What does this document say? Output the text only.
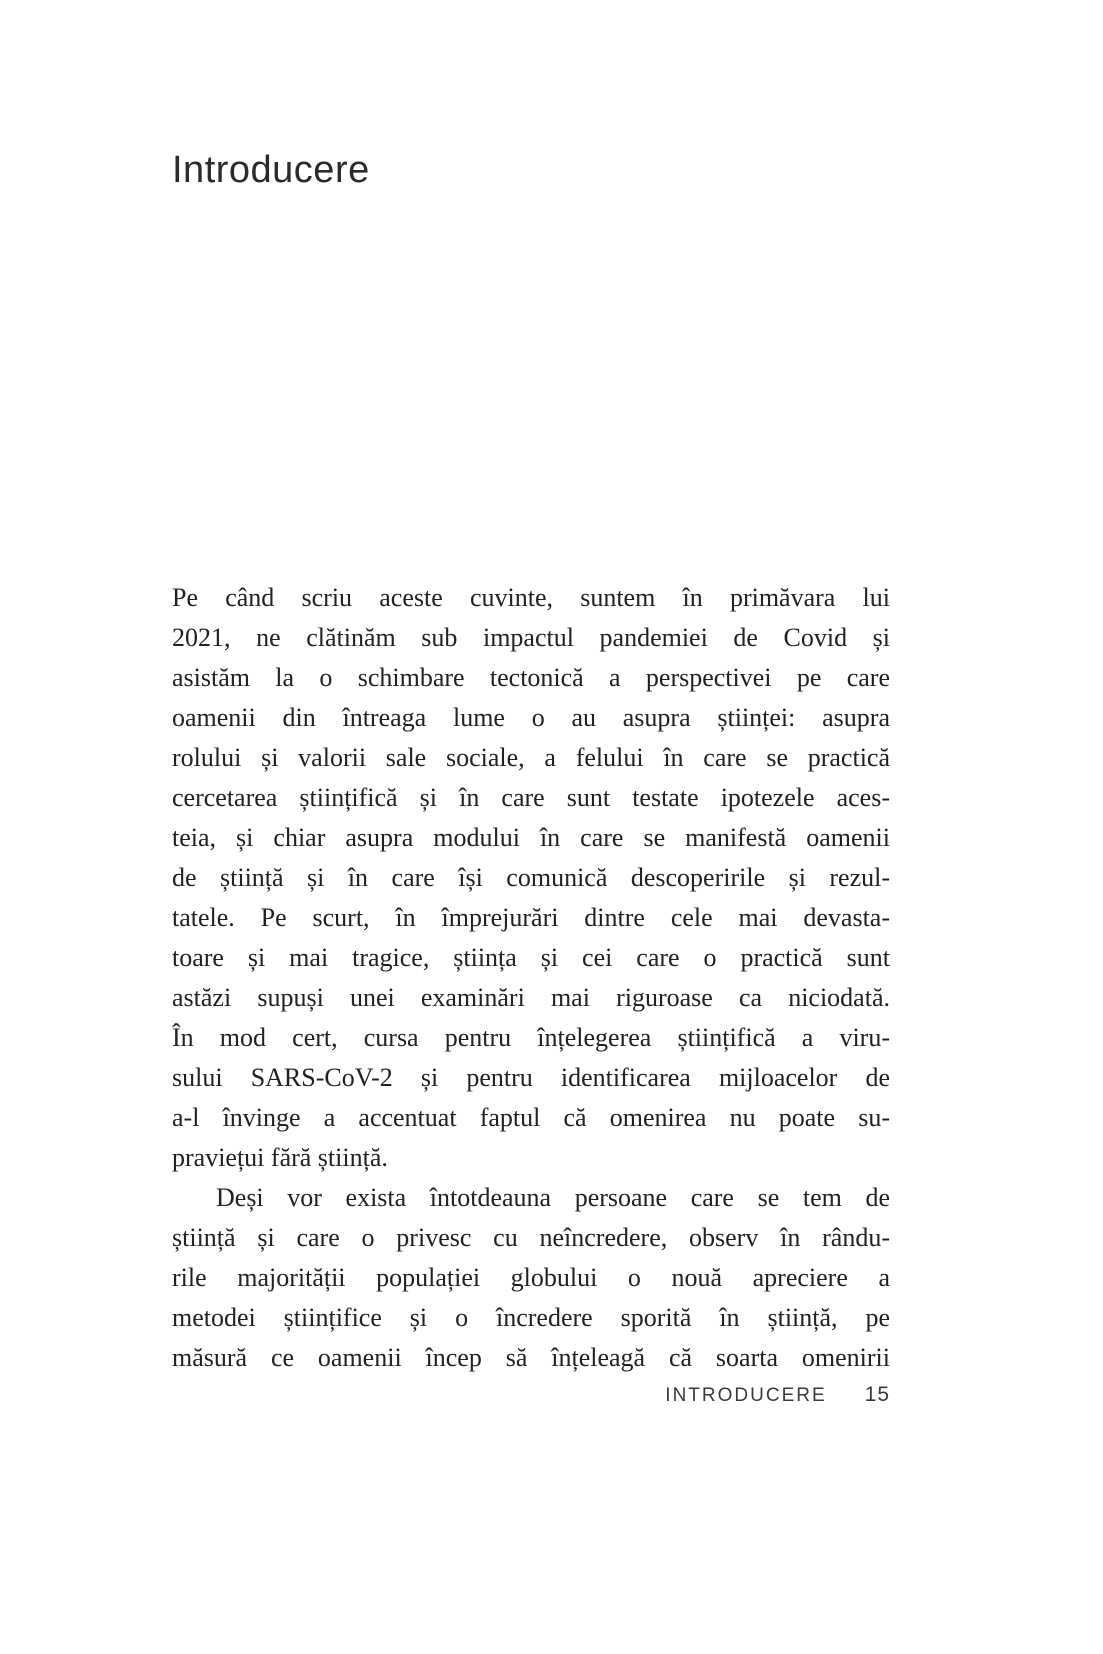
Introducere
Pe când scriu aceste cuvinte, suntem în primăvara lui
2021, ne clătinăm sub impactul pandemiei de Covid și
asistăm la o schimbare tectonică a perspectivei pe care
oamenii din întreaga lume o au asupra științei: asupra
rolului și valorii sale sociale, a felului în care se practică
cercetarea științifică și în care sunt testate ipotezele aces-
teia, și chiar asupra modului în care se manifestă oamenii
de știință și în care își comunică descoperirile și rezul-
tatele. Pe scurt, în împrejurări dintre cele mai devasta-
toare și mai tragice, știința și cei care o practică sunt
astăzi supuși unei examinări mai riguroase ca niciodată.
În mod cert, cursa pentru înțelegerea științifică a viru-
sului SARS-CoV-2 și pentru identificarea mijloacelor de
a-l învinge a accentuat faptul că omenirea nu poate su-
praviețui fără știință.
Deși vor exista întotdeauna persoane care se tem de
știință și care o privesc cu neîncredere, observ în rându-
rile majorității populației globului o nouă apreciere a
metodei științifice și o încredere sporită în știință, pe
măsură ce oamenii încep să înțeleagă că soarta omenirii
INTRODUCERE 15
